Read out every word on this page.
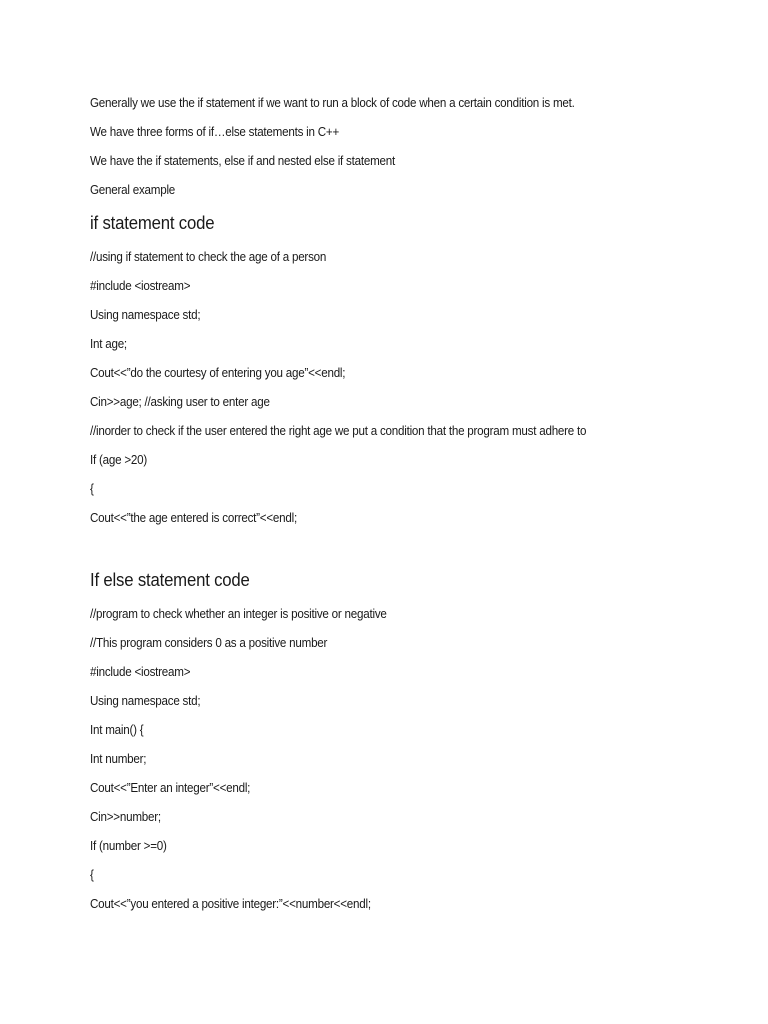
Generally we use the if statement if we want to run a block of code when a certain condition is met.

We have three forms of if…else statements in C++

We have the if statements, else if and nested else if statement

General example

if statement code

//using if statement to check the age of a person

#include <iostream>

Using namespace std;

Int age;

Cout<<”do the courtesy of entering you age”<<endl;

Cin>>age; //asking user to enter age

//inorder to check if the user entered the right age we put a condition that the program must adhere to

If (age >20)

{

Cout<<”the age entered is correct”<<endl;

If else statement code

//program to check whether an integer is positive or negative

//This program considers 0 as a positive number

#include <iostream>

Using namespace std;

Int main() {

Int number;

Cout<<”Enter an integer”<<endl;

Cin>>number;

If (number >=0)

{

Cout<<”you entered a positive integer:”<<number<<endl;
